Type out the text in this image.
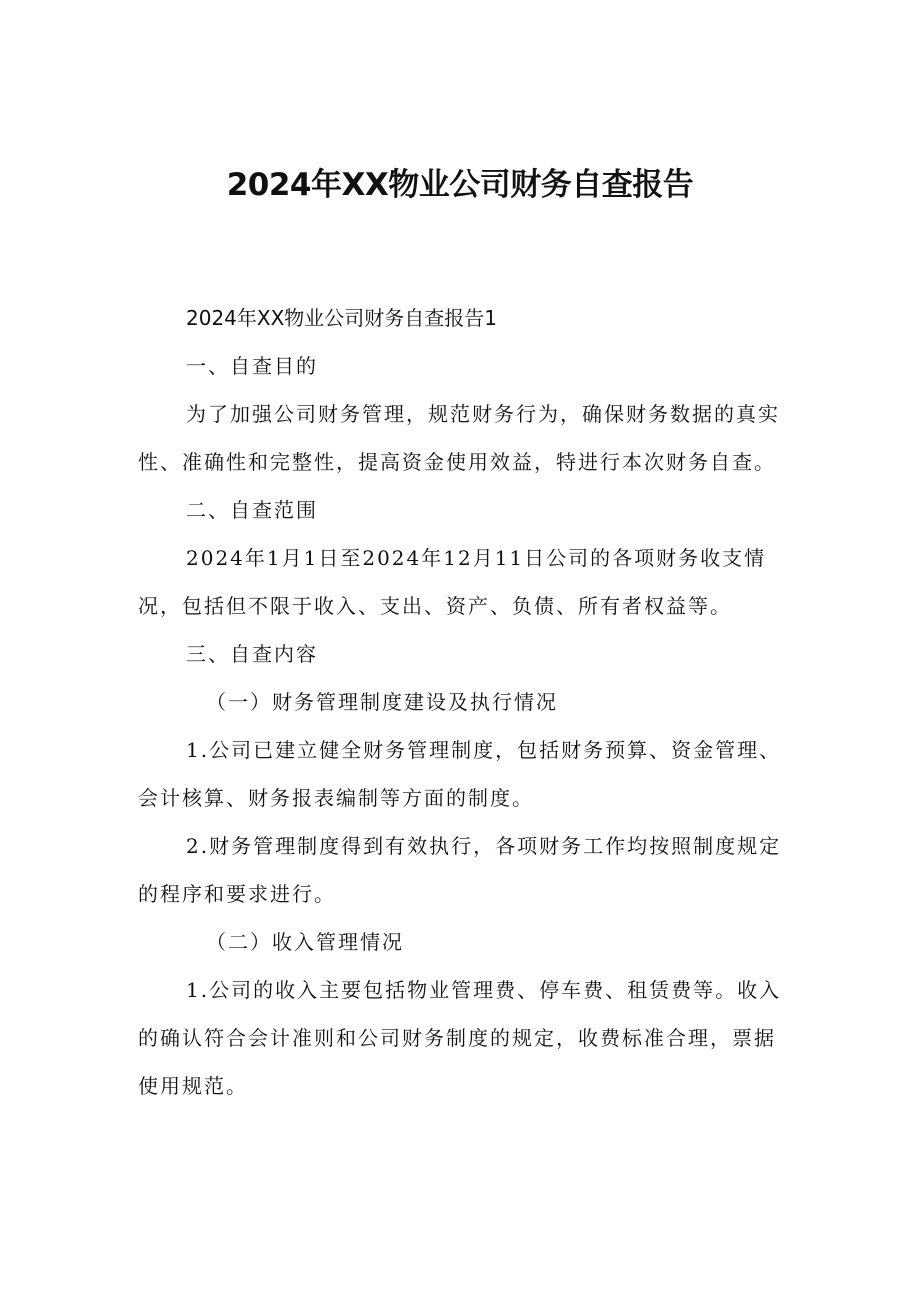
2024年XX物业公司财务自查报告

2024年XX物业公司财务自查报告1

一、自查目的

为了加强公司财务管理，规范财务行为，确保财务数据的真实性、准确性和完整性，提高资金使用效益，特进行本次财务自查。

二、自查范围

2024年1月1日至2024年12月11日公司的各项财务收支情况，包括但不限于收入、支出、资产、负债、所有者权益等。

三、自查内容

（一）财务管理制度建设及执行情况

1.公司已建立健全财务管理制度，包括财务预算、资金管理、会计核算、财务报表编制等方面的制度。

2.财务管理制度得到有效执行，各项财务工作均按照制度规定的程序和要求进行。

（二）收入管理情况

1.公司的收入主要包括物业管理费、停车费、租赁费等。收入的确认符合会计准则和公司财务制度的规定，收费标准合理，票据使用规范。
